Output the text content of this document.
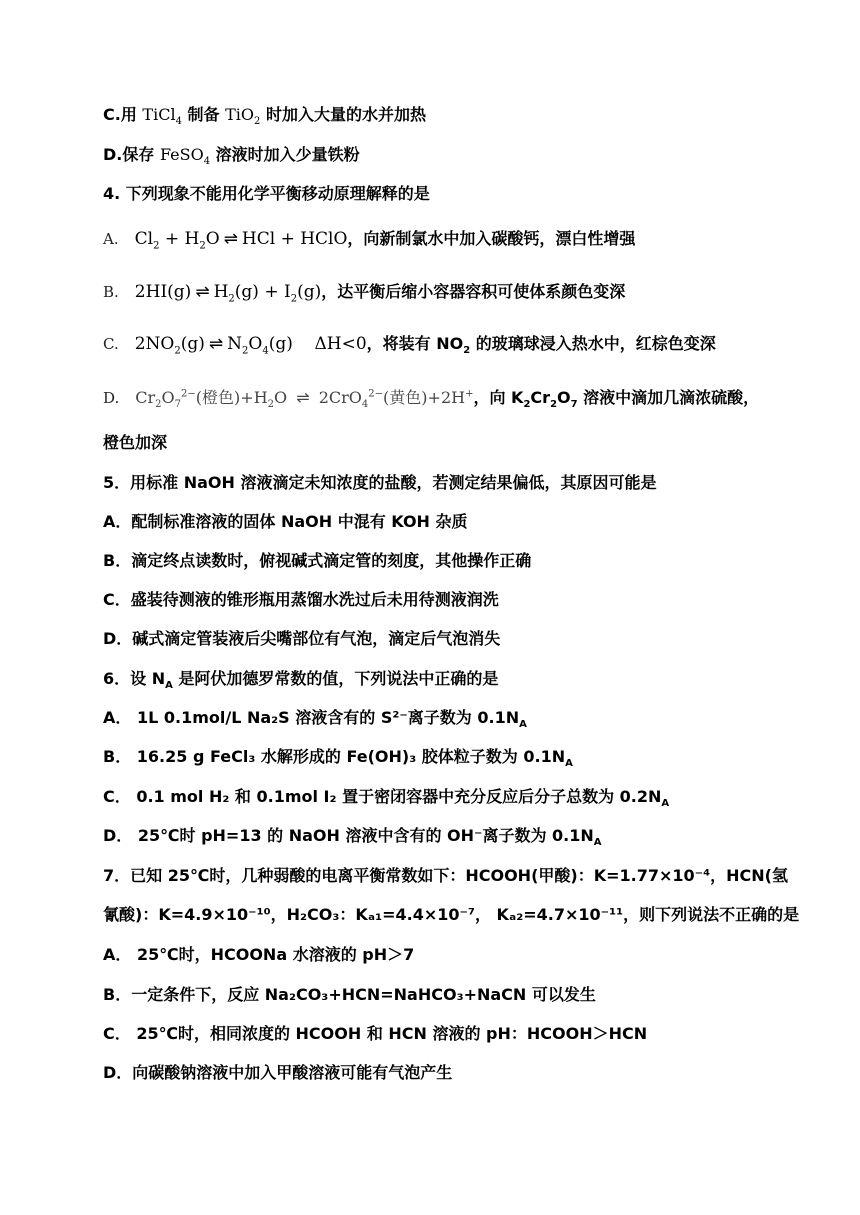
C.用 TiCl$_4$ 制备 TiO$_2$ 时加入大量的水并加热
D.保存 FeSO$_4$ 溶液时加入少量铁粉
4. 下列现象不能用化学平衡移动原理解释的是
A. $Cl_2 + H_2O$ ⇌ HCl + HClO，向新制氯水中加入碳酸钙，漂白性增强
B. 2HI(g) ⇌ $H_2(g) + I_2(g)$，达平衡后缩小容器容积可使体系颜色变深
C. $2NO_2(g)$ ⇌ $N_2O_4(g)$    ΔH<0，将装有 $NO_2$ 的玻璃球浸入热水中，红棕色变深
D. $Cr_2O_7^{2-}$(橙色)$+H_2O$ ⇌ 2CrO$_4^{2-}$(黄色)+2H+，向 $K_2Cr_2O_7$ 溶液中滴加几滴浓硫酸，
橙色加深
5．用标准 NaOH 溶液滴定未知浓度的盐酸，若测定结果偏低，其原因可能是
A．配制标准溶液的固体 NaOH 中混有 KOH 杂质
B．滴定终点读数时，俯视碱式滴定管的刻度，其他操作正确
C．盛装待测液的锥形瓶用蒸馏水洗过后未用待测液润洗
D．碱式滴定管装液后尖嘴部位有气泡，滴定后气泡消失
6．设 $N_A$ 是阿伏加德罗常数的值，下列说法中正确的是
A． 1L 0.1mol/L Na₂S 溶液含有的 S²⁻离子数为 $0.1N_A$
B． 16.25 g FeCl₃ 水解形成的 Fe(OH)₃ 胶体粒子数为 $0.1N_A$
C． 0.1 mol H₂ 和 0.1mol I₂ 置于密闭容器中充分反应后分子总数为 $0.2N_A$
D． 25℃时 pH=13 的 NaOH 溶液中含有的 OH⁻离子数为 $0.1N_A$
7．已知 25℃时，几种弱酸的电离平衡常数如下：HCOOH(甲酸)：K=1.77×10⁻⁴，HCN(氢
氰酸)：K=4.9×10⁻¹⁰，H₂CO₃：Kₐ₁=4.4×10⁻⁷， Kₐ₂=4.7×10⁻¹¹，则下列说法不正确的是
A． 25℃时，HCOONa 水溶液的 pH＞7
B．一定条件下，反应 Na₂CO₃+HCN=NaHCO₃+NaCN 可以发生
C． 25℃时，相同浓度的 HCOOH 和 HCN 溶液的 pH：HCOOH＞HCN
D．向碳酸钠溶液中加入甲酸溶液可能有气泡产生
